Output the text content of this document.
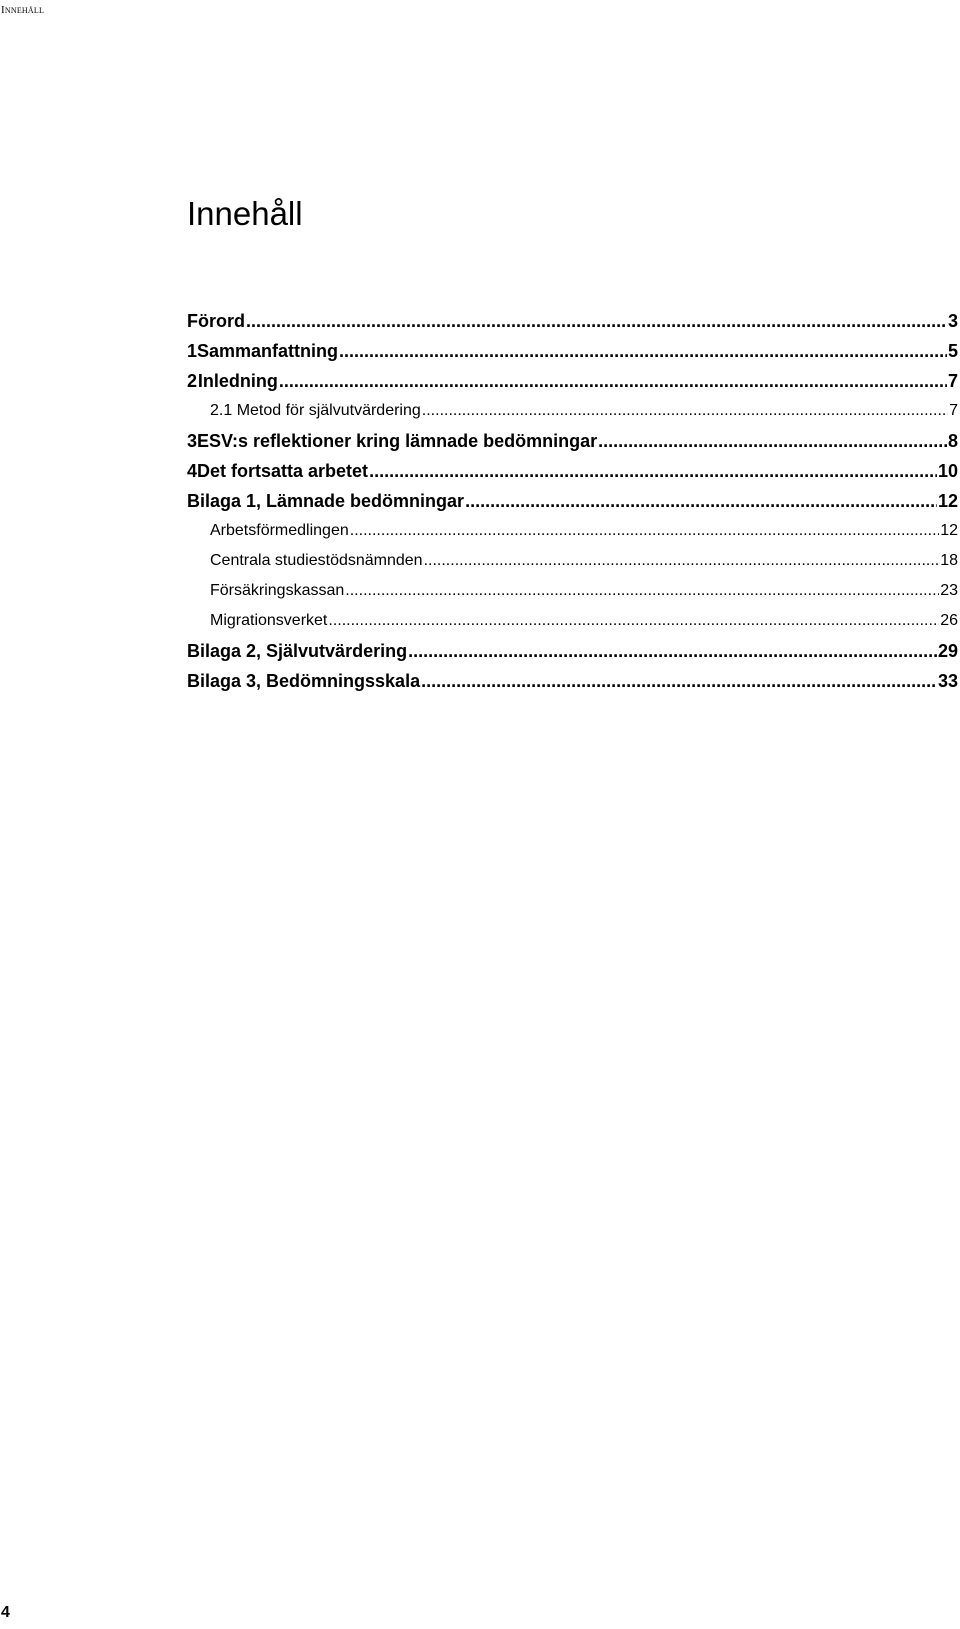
Innehåll
Innehåll
Förord .....	3
1 Sammanfattning .....	5
2 Inledning .....	7
2.1 Metod för självutvärdering .....	7
3 ESV:s reflektioner kring lämnade bedömningar .....	8
4 Det fortsatta arbetet .....	10
Bilaga 1, Lämnade bedömningar .....	12
Arbetsförmedlingen .....	12
Centrala studiestödsnämnden .....	18
Försäkringskassan .....	23
Migrationsverket .....	26
Bilaga 2, Självutvärdering .....	29
Bilaga 3, Bedömningsskala .....	33
4
